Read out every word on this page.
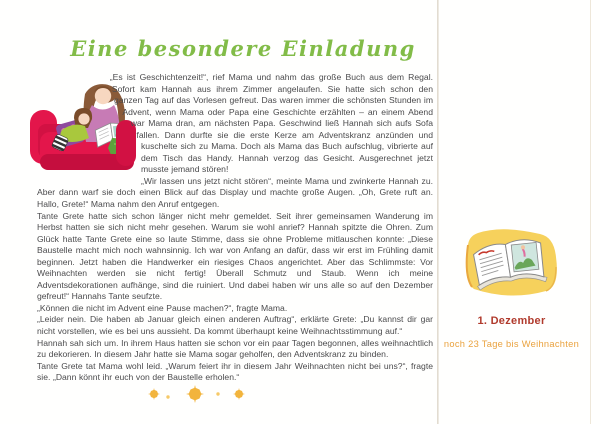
Eine besondere Einladung

„Es ist Geschichtenzeit!“, rief Mama und nahm das große Buch aus dem Regal. Sofort kam Hannah aus ihrem Zimmer angelaufen. Sie hatte sich schon den ganzen Tag auf das Vorlesen gefreut. Das waren immer die schönsten Stunden im Advent, wenn Mama oder Papa eine Geschichte erzählten – an einem Abend war Mama dran, am nächsten Papa. Geschwind ließ Hannah sich aufs Sofa fallen. Dann durfte sie die erste Kerze am Adventskranz anzünden und kuschelte sich zu Mama. Doch als Mama das Buch aufschlug, vibrierte auf dem Tisch das Handy. Hannah verzog das Gesicht. Ausgerechnet jetzt musste jemand stören!

„Wir lassen uns jetzt nicht stören“, meinte Mama und zwinkerte Hannah zu. Aber dann warf sie doch einen Blick auf das Display und machte große Augen. „Oh, Grete ruft an. Hallo, Grete!“ Mama nahm den Anruf entgegen.

Tante Grete hatte sich schon länger nicht mehr gemeldet. Seit ihrer gemeinsamen Wanderung im Herbst hatten sie sich nicht mehr gesehen. Warum sie wohl anrief? Hannah spitzte die Ohren. Zum Glück hatte Tante Grete eine so laute Stimme, dass sie ohne Probleme mitlauschen konnte: „Diese Baustelle macht mich noch wahnsinnig. Ich war von Anfang an dafür, dass wir erst im Frühling damit beginnen. Jetzt haben die Handwerker ein riesiges Chaos angerichtet. Aber das Schlimmste: Vor Weihnachten werden sie nicht fertig! Überall Schmutz und Staub. Wenn ich meine Adventsdekorationen aufhänge, sind die ruiniert. Und dabei haben wir uns alle so auf den Dezember gefreut!“ Hannahs Tante seufzte.

„Können die nicht im Advent eine Pause machen?“, fragte Mama.

„Leider nein. Die haben ab Januar gleich einen anderen Auftrag“, erklärte Grete: „Du kannst dir gar nicht vorstellen, wie es bei uns aussieht. Da kommt überhaupt keine Weihnachtsstimmung auf.“

Hannah sah sich um. In ihrem Haus hatten sie schon vor ein paar Tagen begonnen, alles weihnachtlich zu dekorieren. In diesem Jahr hatte sie Mama sogar geholfen, den Adventskranz zu binden.

Tante Grete tat Mama wohl leid. „Warum feiert ihr in diesem Jahr Weihnachten nicht bei uns?“, fragte sie. „Dann könnt ihr euch von der Baustelle erholen.“

1. Dezember
noch 23 Tage bis Weihnachten
